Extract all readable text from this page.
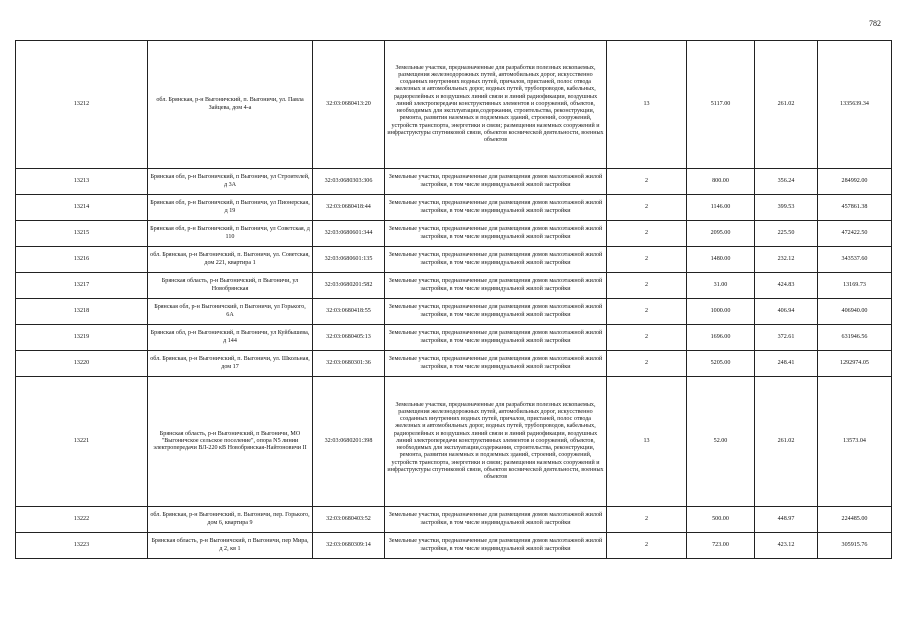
782
13212	обл. Брянская, р-н Выгоничский, п. Выгоничи, ул. Павла Зайцева, дом 4-а	32:03:0680413:20	Земельные участки, предназначенные для разработки полезных ископаемых, размещения железнодорожных путей, автомобильных дорог, искусственно созданных внутренних водных путей, причалов, пристаней, полос отвода железных и автомобильных дорог, водных путей, трубопроводов, кабельных, радиорелейных и воздушных линий связи и линий радиофикации, воздушных линий электропередачи конструктивных элементов и сооружений, объектов, необходимых для эксплуатации,содержания, строительства, реконструкции, ремонта, развития наземных и подземных зданий, строений, сооружений, устройств транспорта, энергетики и связи; размещения наземных сооружений и инфраструктуры спутниковой связи, объектов космической деятельности, военных объектов	13	5117.00	261.02	1335639.34
13213	Брянская обл, р-н Выгоничский, п Выгоничи, ул Строителей, д 3А	32:03:0680303:306	Земельные участки, предназначенные для размещения домов малоэтажной жилой застройки, в том числе индивидуальной жилой застройки	2	800.00	356.24	284992.00
13214	Брянская обл, р-н Выгоничский, п Выгоничи, ул Пионерская, д 19	32:03:0680418:44	Земельные участки, предназначенные для размещения домов малоэтажной жилой застройки, в том числе индивидуальной жилой застройки	2	1146.00	399.53	457861.38
13215	Брянская обл, р-н Выгоничский, п Выгоничи, ул Советская, д 110	32:03:0680601:344	Земельные участки, предназначенные для размещения домов малоэтажной жилой застройки, в том числе индивидуальной жилой застройки	2	2095.00	225.50	472422.50
13216	обл. Брянская, р-н Выгоничский, п. Выгоничи, ул. Советская, дом 221, квартира 1	32:03:0680601:135	Земельные участки, предназначенные для размещения домов малоэтажной жилой застройки, в том числе индивидуальной жилой застройки	2	1480.00	232.12	343537.60
13217	Брянская область, р-н Выгоничский, п Выгоничи, ул Новобрянская	32:03:0680201:582	Земельные участки, предназначенные для размещения домов малоэтажной жилой застройки, в том числе индивидуальной жилой застройки	2	31.00	424.83	13169.73
13218	Брянская обл, р-н Выгоничский, п Выгоничи, ул Горького, 6А	32:03:0680418:55	Земельные участки, предназначенные для размещения домов малоэтажной жилой застройки, в том числе индивидуальной жилой застройки	2	1000.00	406.94	406940.00
13219	Брянская обл, р-н Выгоничский, п Выгоничи, ул Куйбышева, д 144	32:03:0680405:13	Земельные участки, предназначенные для размещения домов малоэтажной жилой застройки, в том числе индивидуальной жилой застройки	2	1696.00	372.61	631946.56
13220	обл. Брянская, р-н Выгоничский, п. Выгоничи, ул. Школьная, дом 17	32:03:0680301:36	Земельные участки, предназначенные для размещения домов малоэтажной жилой застройки, в том числе индивидуальной жилой застройки	2	5205.00	248.41	1292974.05
13221	Брянская область, р-н Выгоничский, п Выгоничи, МО "Выгоничское сельское поселение", опора N5 линии электропередачи ВЛ-220 кВ Новобрянская-Найтоновичи II	32:03:0680201:398	Земельные участки, предназначенные для разработки полезных ископаемых, размещения железнодорожных путей, автомобильных дорог, искусственно созданных внутренних водных путей, причалов, пристаней, полос отвода железных и автомобильных дорог, водных путей, трубопроводов, кабельных, радиорелейных и воздушных линий связи и линий радиофикации, воздушных линий электропередачи конструктивных элементов и сооружений, объектов, необходимых для эксплуатации,содержания, строительства, реконструкции, ремонта, развития наземных и подземных зданий, строений, сооружений, устройств транспорта, энергетики и связи; размещения наземных сооружений и инфраструктуры спутниковой связи, объектов космической деятельности, военных объектов	13	52.00	261.02	13573.04
13222	обл. Брянская, р-н Выгоничский, п. Выгоничи, пер. Горького, дом 6, квартира 9	32:03:0680403:52	Земельные участки, предназначенные для размещения домов малоэтажной жилой застройки, в том числе индивидуальной жилой застройки	2	500.00	448.97	224485.00
13223	Брянская область, р-н Выгоничский, п Выгоничи, пер Мира, д 2, кв 1	32:03:0680309:14	Земельные участки, предназначенные для размещения домов малоэтажной жилой застройки, в том числе индивидуальной жилой застройки	2	723.00	423.12	305915.76
